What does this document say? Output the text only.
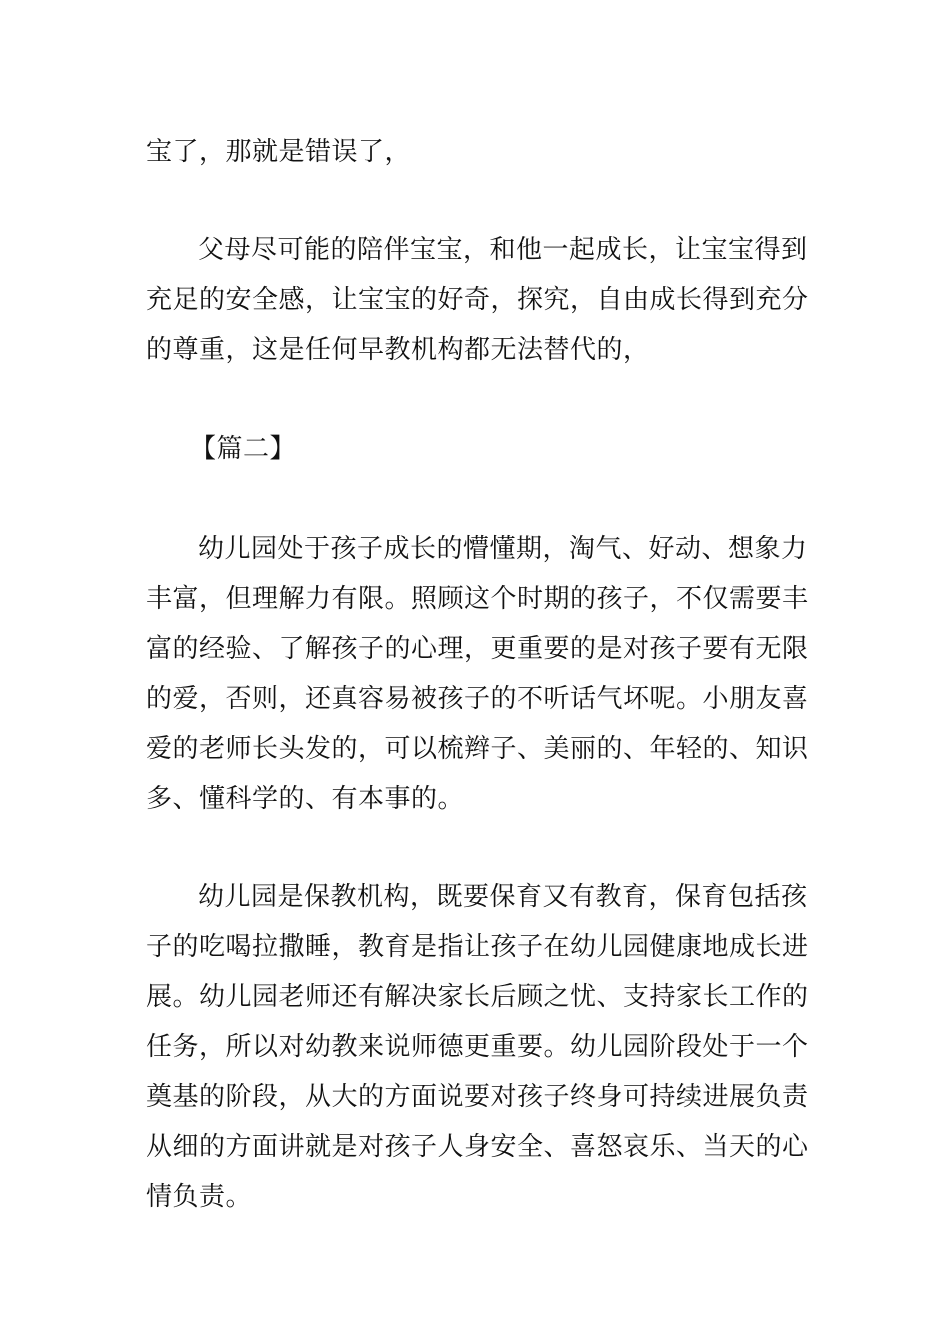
宝了，那就是错误了，
父母尽可能的陪伴宝宝，和他一起成长，让宝宝得到
充足的安全感，让宝宝的好奇，探究，自由成长得到充分
的尊重，这是任何早教机构都无法替代的，
【篇二】
幼儿园处于孩子成长的懵懂期，淘气、好动、想象力
丰富，但理解力有限。照顾这个时期的孩子，不仅需要丰
富的经验、了解孩子的心理，更重要的是对孩子要有无限
的爱，否则，还真容易被孩子的不听话气坏呢。小朋友喜
爱的老师长头发的，可以梳辫子、美丽的、年轻的、知识
多、懂科学的、有本事的。
幼儿园是保教机构，既要保育又有教育，保育包括孩
子的吃喝拉撒睡，教育是指让孩子在幼儿园健康地成长进
展。幼儿园老师还有解决家长后顾之忧、支持家长工作的
任务，所以对幼教来说师德更重要。幼儿园阶段处于一个
奠基的阶段，从大的方面说要对孩子终身可持续进展负责
从细的方面讲就是对孩子人身安全、喜怒哀乐、当天的心
情负责。
